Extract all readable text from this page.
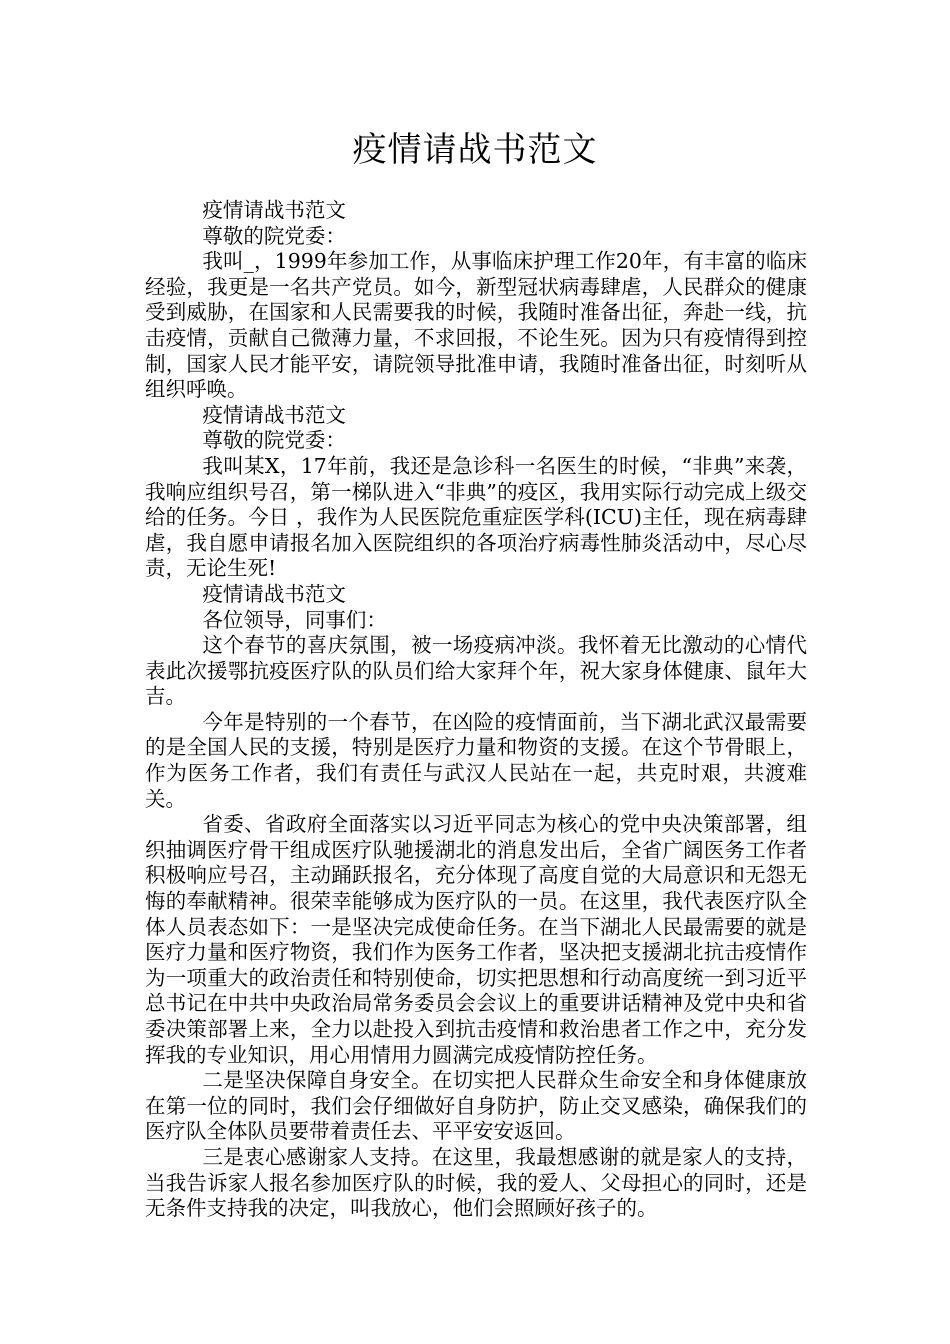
疫情请战书范文

疫情请战书范文

尊敬的院党委：

我叫_，1999年参加工作，从事临床护理工作20年，有丰富的临床经验，我更是一名共产党员。如今，新型冠状病毒肆虐，人民群众的健康受到威胁，在国家和人民需要我的时候，我随时准备出征，奔赴一线，抗击疫情，贡献自己微薄力量，不求回报，不论生死。因为只有疫情得到控制，国家人民才能平安，请院领导批准申请，我随时准备出征，时刻听从组织呼唤。

疫情请战书范文

尊敬的院党委：

我叫某X，17年前，我还是急诊科一名医生的时候，“非典”来袭，我响应组织号召，第一梯队进入“非典”的疫区，我用实际行动完成上级交给的任务。今日 ，我作为人民医院危重症医学科(ICU)主任，现在病毒肆虐，我自愿申请报名加入医院组织的各项治疗病毒性肺炎活动中，尽心尽责，无论生死!

疫情请战书范文

各位领导，同事们：

这个春节的喜庆氛围，被一场疫病冲淡。我怀着无比激动的心情代表此次援鄂抗疫医疗队的队员们给大家拜个年，祝大家身体健康、鼠年大吉。

今年是特别的一个春节，在凶险的疫情面前，当下湖北武汉最需要的是全国人民的支援，特别是医疗力量和物资的支援。在这个节骨眼上，作为医务工作者，我们有责任与武汉人民站在一起，共克时艰，共渡难关。

省委、省政府全面落实以习近平同志为核心的党中央决策部署，组织抽调医疗骨干组成医疗队驰援湖北的消息发出后，全省广阔医务工作者积极响应号召，主动踊跃报名，充分体现了高度自觉的大局意识和无怨无悔的奉献精神。很荣幸能够成为医疗队的一员。在这里，我代表医疗队全体人员表态如下：一是坚决完成使命任务。在当下湖北人民最需要的就是医疗力量和医疗物资，我们作为医务工作者，坚决把支援湖北抗击疫情作为一项重大的政治责任和特别使命，切实把思想和行动高度统一到习近平总书记在中共中央政治局常务委员会会议上的重要讲话精神及党中央和省委决策部署上来，全力以赴投入到抗击疫情和救治患者工作之中，充分发挥我的专业知识，用心用情用力圆满完成疫情防控任务。

二是坚决保障自身安全。在切实把人民群众生命安全和身体健康放在第一位的同时，我们会仔细做好自身防护，防止交叉感染，确保我们的医疗队全体队员要带着责任去、平平安安返回。

三是衷心感谢家人支持。在这里，我最想感谢的就是家人的支持，当我告诉家人报名参加医疗队的时候，我的爱人、父母担心的同时，还是无条件支持我的决定，叫我放心，他们会照顾好孩子的。
